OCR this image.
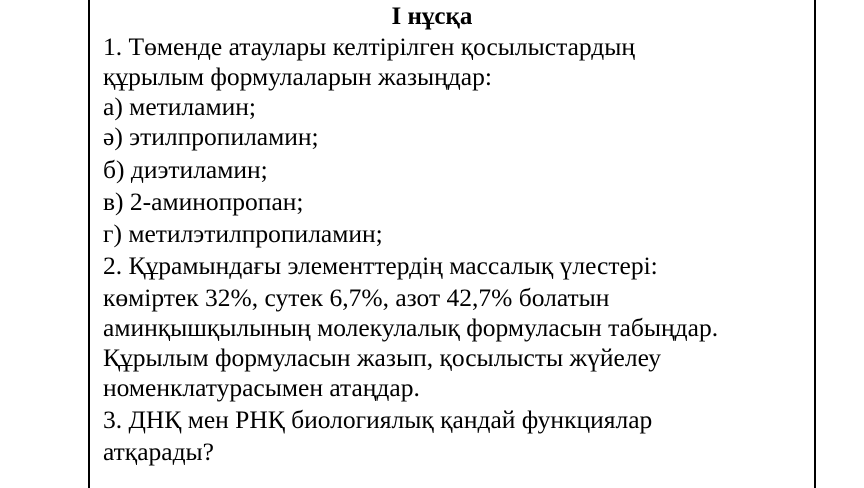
I нұсқа
1. Төменде атаулары келтірілген қосылыстардың
құрылым формулаларын жазыңдар:
а) метиламин;
ә) этилпропиламин;
б) диэтиламин;
в) 2-аминопропан;
г) метилэтилпропиламин;
2. Құрамындағы элементтердің массалық үлестері:
көміртек 32%, сутек 6,7%, азот 42,7% болатын
аминқышқылының молекулалық формуласын табыңдар.
Құрылым формуласын жазып, қосылысты жүйелеу
номенклатурасымен атаңдар.
3. ДНҚ мен РНҚ биологиялық қандай функциялар
атқарады?
